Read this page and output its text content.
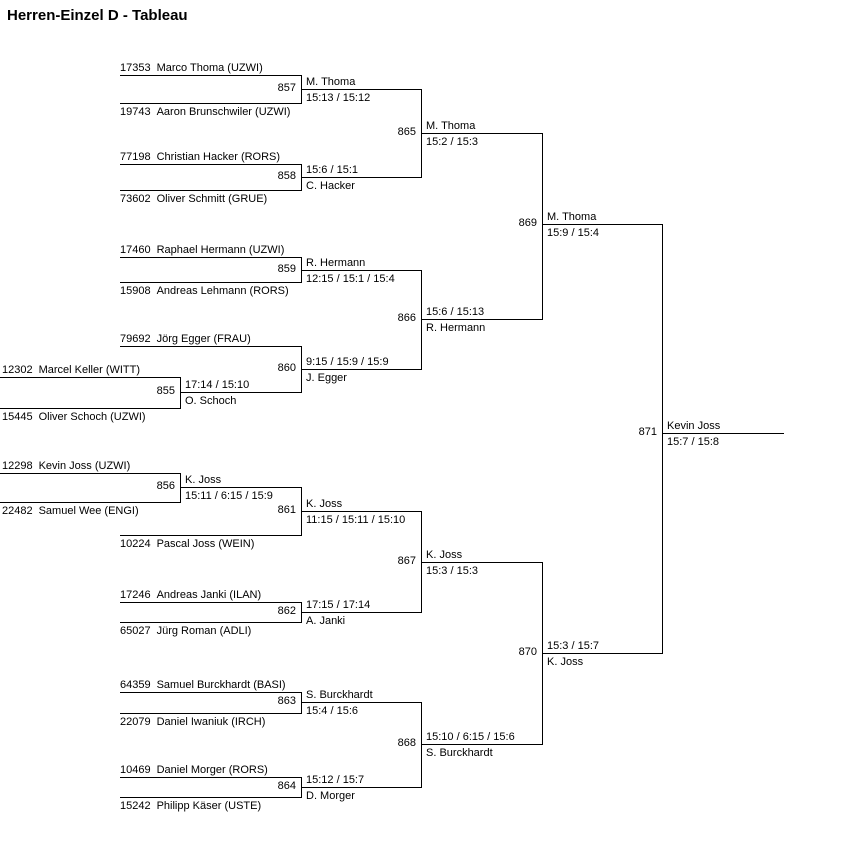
Herren-Einzel D - Tableau
12302 Marcel Keller (WITT)
15445 Oliver Schoch (UZWI)
855 17:14 / 15:10
O. Schoch
12298 Kevin Joss (UZWI)
22482 Samuel Wee (ENGI)
856 K. Joss
15:11 / 6:15 / 15:9
17353 Marco Thoma (UZWI)
19743 Aaron Brunschwiler (UZWI)
857 M. Thoma
15:13 / 15:12
77198 Christian Hacker (RORS)
73602 Oliver Schmitt (GRUE)
858 15:6 / 15:1
C. Hacker
17460 Raphael Hermann (UZWI)
15908 Andreas Lehmann (RORS)
859 R. Hermann
12:15 / 15:1 / 15:4
79692 Jörg Egger (FRAU)
860 9:15 / 15:9 / 15:9
J. Egger
10224 Pascal Joss (WEIN)
861 K. Joss
11:15 / 15:11 / 15:10
17246 Andreas Janki (ILAN)
65027 Jürg Roman (ADLI)
862 17:15 / 17:14
A. Janki
64359 Samuel Burckhardt (BASI)
22079 Daniel Iwaniuk (IRCH)
863 S. Burckhardt
15:4 / 15:6
10469 Daniel Morger (RORS)
15242 Philipp Käser (USTE)
864 15:12 / 15:7
D. Morger
865 M. Thoma
15:2 / 15:3
866 15:6 / 15:13
R. Hermann
867 K. Joss
15:3 / 15:3
868 15:10 / 6:15 / 15:6
S. Burckhardt
869 M. Thoma
15:9 / 15:4
870 15:3 / 15:7
K. Joss
871 Kevin Joss
15:7 / 15:8
